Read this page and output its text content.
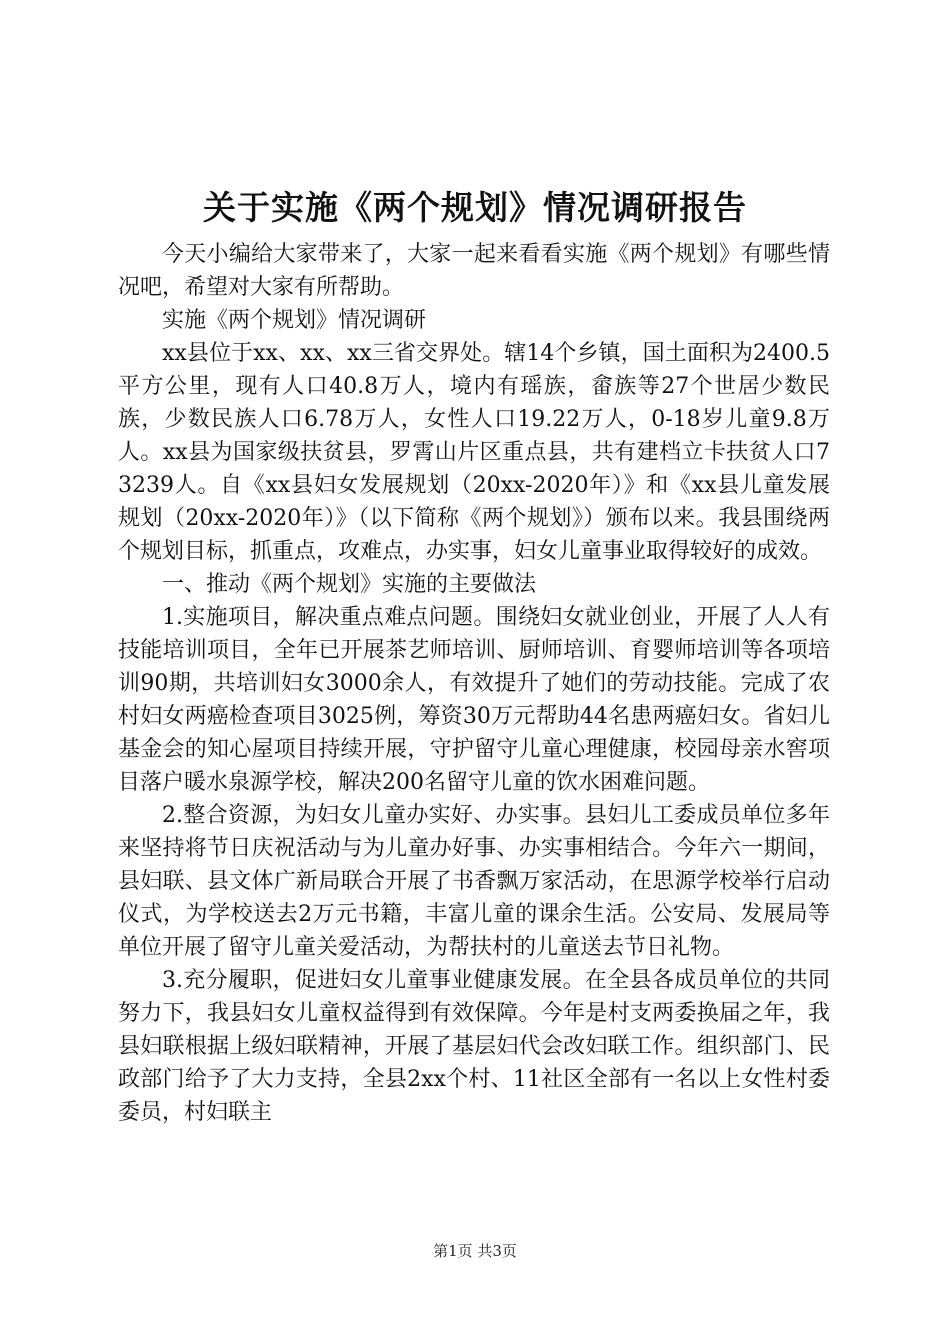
关于实施《两个规划》情况调研报告

今天小编给大家带来了，大家一起来看看实施《两个规划》有哪些情况吧，希望对大家有所帮助。

实施《两个规划》情况调研

xx县位于xx、xx、xx三省交界处。辖14个乡镇，国土面积为2400.5平方公里，现有人口40.8万人，境内有瑶族，畲族等27个世居少数民族，少数民族人口6.78万人，女性人口19.22万人，0-18岁儿童9.8万人。xx县为国家级扶贫县，罗霄山片区重点县，共有建档立卡扶贫人口73239人。自《xx县妇女发展规划（20xx-2020年）》和《xx县儿童发展规划（20xx-2020年）》（以下简称《两个规划》）颁布以来。我县围绕两个规划目标，抓重点，攻难点，办实事，妇女儿童事业取得较好的成效。

一、推动《两个规划》实施的主要做法

1.实施项目，解决重点难点问题。围绕妇女就业创业，开展了人人有技能培训项目，全年已开展茶艺师培训、厨师培训、育婴师培训等各项培训90期，共培训妇女3000余人，有效提升了她们的劳动技能。完成了农村妇女两癌检查项目3025例，筹资30万元帮助44名患两癌妇女。省妇儿基金会的知心屋项目持续开展，守护留守儿童心理健康，校园母亲水窖项目落户暖水泉源学校，解决200名留守儿童的饮水困难问题。

2.整合资源，为妇女儿童办实好、办实事。县妇儿工委成员单位多年来坚持将节日庆祝活动与为儿童办好事、办实事相结合。今年六一期间，县妇联、县文体广新局联合开展了书香飘万家活动，在思源学校举行启动仪式，为学校送去2万元书籍，丰富儿童的课余生活。公安局、发展局等单位开展了留守儿童关爱活动，为帮扶村的儿童送去节日礼物。

3.充分履职，促进妇女儿童事业健康发展。在全县各成员单位的共同努力下，我县妇女儿童权益得到有效保障。今年是村支两委换届之年，我县妇联根据上级妇联精神，开展了基层妇代会改妇联工作。组织部门、民政部门给予了大力支持，全县2xx个村、11社区全部有一名以上女性村委委员，村妇联主

第1页 共3页
